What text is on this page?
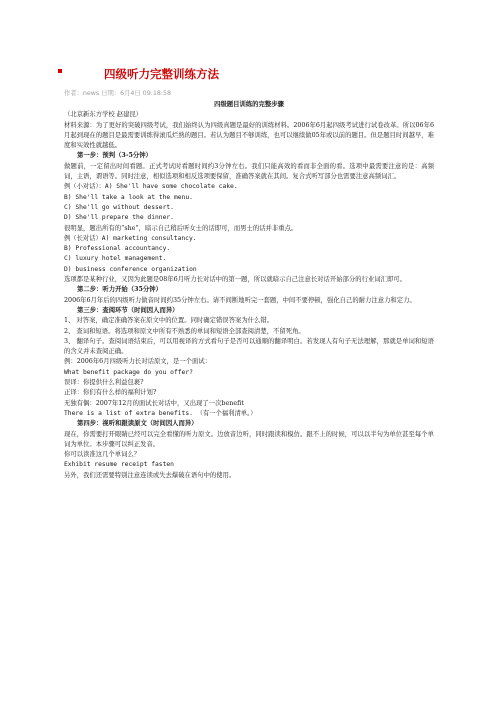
四级听力完整训练方法
作者：news 日期：6月4日 09:18:58

四级题目训练的完整步骤

（北京新东方学校 赵建昆）

材料来源：为了更好的突破四级考试，我们始终认为四级真题是最好的训练材料。2006年6月起四级考试进行试卷改革。所以06年6月起到现在的题目是最需要训练得滚瓜烂熟的题目。若认为题目不够训练，也可以继续做05年或以前的题目。但是题目时间越早，难度和实效性就越低。

第一步：预判（3-5分钟）

做题前，一定留出时间看题。正式考试时看题时间约3分钟左右。我们只能高效的看而非全面的看。选项中最需要注意的是：高频词，主语，谓语等。同时注意，相似选项和相反选项要保留，准确答案就在其间。复合式听写部分也需要注意高频词汇。

例（小对话）：A) She'll have some chocolate cake.

B) She'll take a look at the menu.

C) She'll go without dessert.

D) She'll prepare the dinner.

很明显，题出所有的“she”，暗示自己稍后听女士的话即可，而男士的话并非重点。

例（长对话）A) marketing consultancy.

B) Professional accountancy.

C) luxury hotel management.

D) business conference organization

选项都是某种行业，又因为此题是08年6月听力长对话中的第一题，所以就暗示自己注意长对话开始部分的行业词汇即可。

第二步：听力开始（35分钟）

2006年6月年后的四级听力做音时间约35分钟左右。请不间断地听完一套题，中间不要停顿，强化自己的耐力注意力和定力。

第三步：查阅环节（时间因人而异）

1、 对答案，确定准确答案在原文中的位置。同时确定错误答案为什么错。

2、 查词和短语。将选项和原文中所有不熟悉的单词和短语全部查阅清楚，不留死角。

3、 翻译句子。查阅词语结束后，可以用视译的方式看句子是否可以通顺的翻译明白。若发现人有句子无法理解，那就是单词和短语的含义并未查阅正确。

例：2006年6月四级听力长对话原文，是一个面试：

What benefit package do you offer?

误译：你提供什么利益包裹?

正译：你们有什么样的福利计划?

无独有偶：2007年12月的面试长对话中，又出现了一次benefit

There is a list of extra benefits. （有一个福利清单。）

第四步：视听和跟读原文（时间因人而异）

现在，你需要打开眼睛已经可以完全看懂的听力原文。边放音边听，同时跟读和模仿。跟不上的时候，可以以半句为单位甚至每个单词为单位。本步骤可以纠正发音。

你可以读准这几个单词么？

Exhibit resume receipt fasten

另外，我们还需要特别注意连读或失去爆破在语句中的使用。
